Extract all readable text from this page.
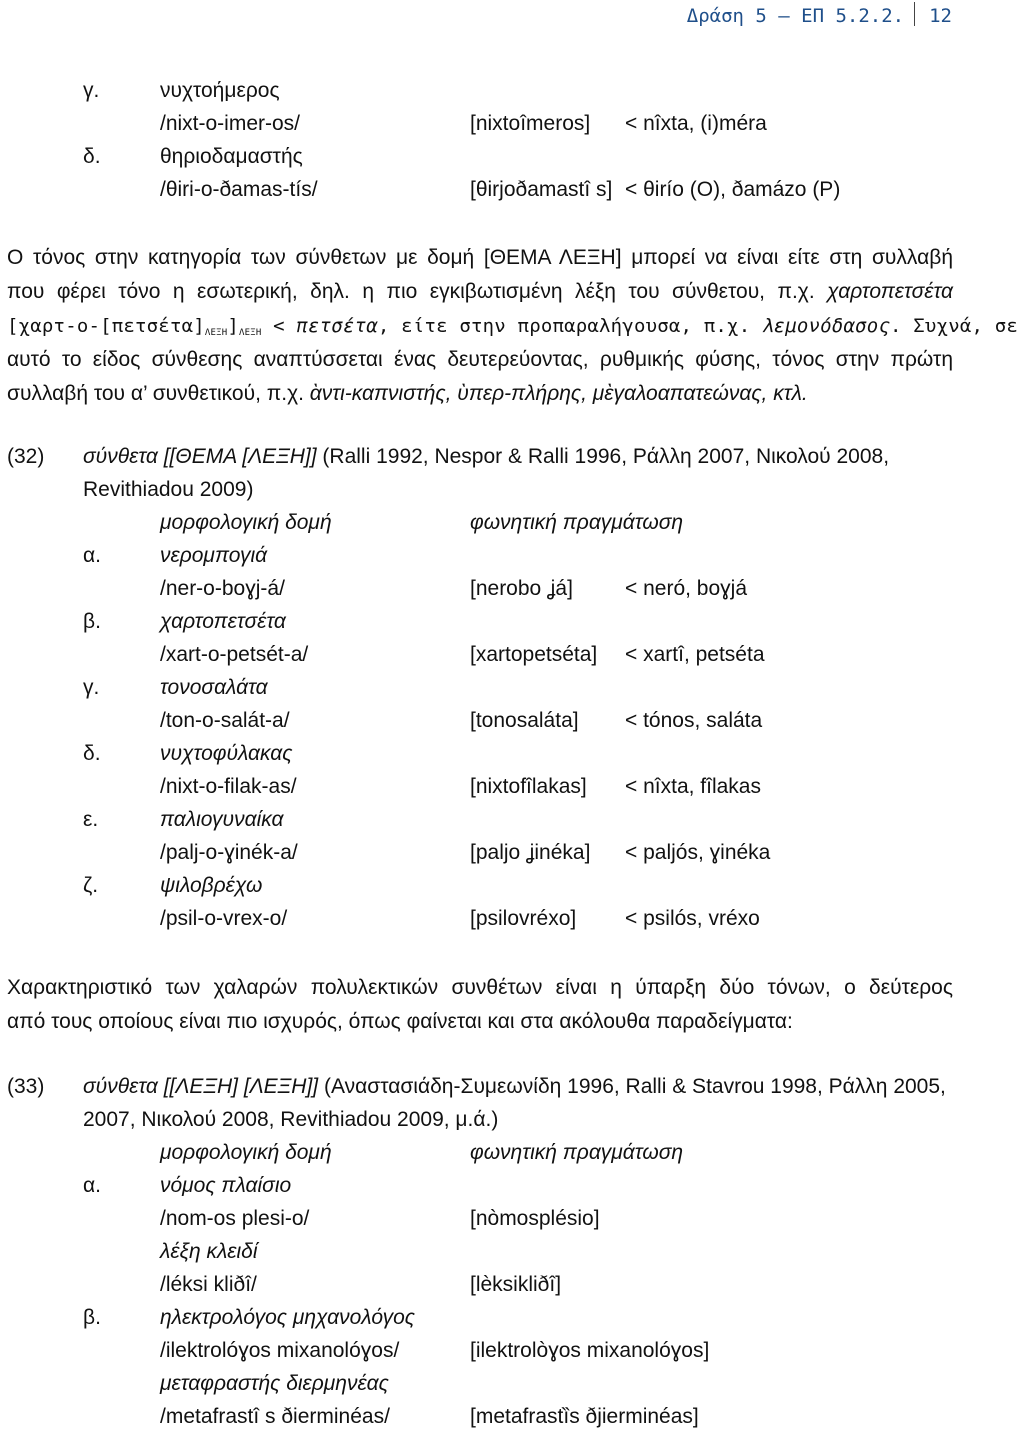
Δράση 5 – ΕΠ 5.2.2. 12
γ.	νυχτοήμερος
/nixt-o-imer-os/	[nixtoîmeros] < nîxta, (i)méra
δ.	θηριοδαμαστής
/θiri-o-ðamas-tís/	[θirjoðamastî s] < θirío (O), ðamázo (P)
Ο τόνος στην κατηγορία των σύνθετων με δομή [ΘΕΜΑ ΛΕΞΗ] μπορεί να είναι είτε στη συλλαβή
που φέρει τόνο η εσωτερική, δηλ. η πιο εγκιβωτισμένη λέξη του σύνθετου, π.χ. χαρτοπετσέτα
$[\chi\alpha\rho\tau-o-[\pi\varepsilon\tau\sigma έ\tau\alpha]_{\Lambda E\Xi H}]_{\Lambda E\Xi H} < \pi\varepsilon\tau\sigma έ\tau\alpha$, είτε στην προπαραλήγουσα, π.χ. λεμονόδασος. Συχνά, σε
αυτό το είδος σύνθεσης αναπτύσσεται ένας δευτερεύοντας, ρυθμικής φύσης, τόνος στην πρώτη
συλλαβή του α’ συνθετικού, π.χ. ὰντι-καπνιστής, ὺπερ-πλήρης, μὲγαλοαπατεώνας, κτλ.
(32) σύνθετα [[ΘΕΜΑ [ΛΕΞΗ]] (Ralli 1992, Nespor & Ralli 1996, Ράλλη 2007, Νικολού 2008,
Revithiadou 2009)
μορφολογική δομή	φωνητική πραγμάτωση
α.	νερομπογιά
/ner-o-boɣj-á/	[nerobo ʝá] < neró, boɣjá
β.	χαρτοπετσέτα
/xart-o-petsét-a/	[xartopetséta] < xartî, petséta
γ.	τονοσαλάτα
/ton-o-salát-a/	[tonosaláta] < tónos, saláta
δ.	νυχτοφύλακας
/nixt-o-filak-as/	[nixtofîlakas] < nîxta, fîlakas
ε.	παλιογυναίκα
/palj-o-ɣinék-a/	[paljo ʝinéka] < paljós, ɣinéka
ζ.	ψιλοβρέχω
/psil-o-vrex-o/	[psilovréxo] < psilós, vréxo
Χαρακτηριστικό των χαλαρών πολυλεκτικών συνθέτων είναι η ύπαρξη δύο τόνων, ο δεύτερος
από τους οποίους είναι πιο ισχυρός, όπως φαίνεται και στα ακόλουθα παραδείγματα:
(33) σύνθετα [[ΛΕΞΗ] [ΛΕΞΗ]] (Αναστασιάδη-Συμεωνίδη 1996, Ralli & Stavrou 1998, Ράλλη 2005,
2007, Νικολού 2008, Revithiadou 2009, μ.ά.)
μορφολογική δομή	φωνητική πραγμάτωση
α.	νόμος πλαίσιο
/nom-os plesi-o/	[nòmosplésio]
λέξη κλειδί
/léksi kliðî/	[lèksikliðî]
β.	ηλεκτρολόγος μηχανολόγος
/ilektrolóɣos mixanolóɣos/	[ilektrolòɣos mixanolóɣos]
μεταφραστής διερμηνέας
/metafrastî s ðierminéas/	[metafrastȉs ðjierminéas]
